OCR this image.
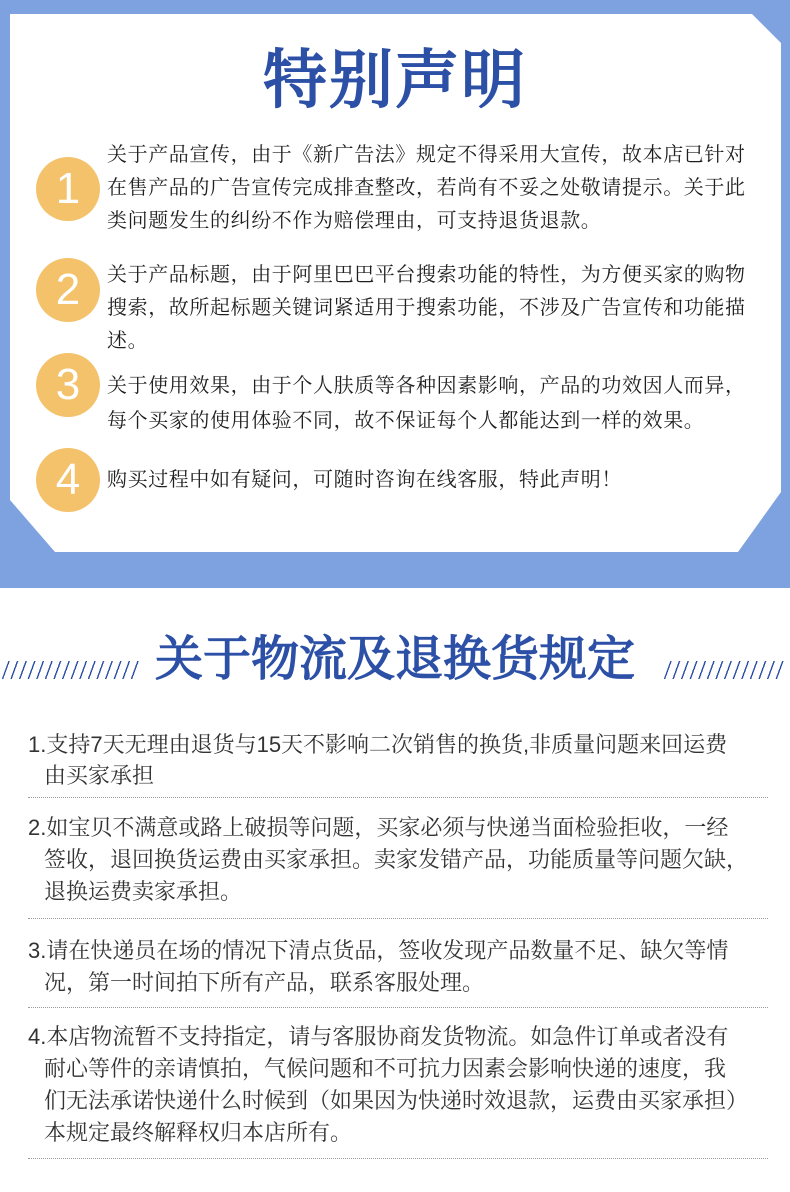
特别声明
1
关于产品宣传，由于《新广告法》规定不得采用大宣传，故本店已针对
在售产品的广告宣传完成排查整改，若尚有不妥之处敬请提示。关于此
类问题发生的纠纷不作为赔偿理由，可支持退货退款。
2	关于产品标题，由于阿里巴巴平台搜索功能的特性，为方便买家的购物
搜索，故所起标题关键词紧适用于搜索功能，不涉及广告宣传和功能描
述。
3	关于使用效果，由于个人肤质等各种因素影响，产品的功效因人而异，
每个买家的使用体验不同，故不保证每个人都能达到一样的效果。
4	购买过程中如有疑问，可随时咨询在线客服，特此声明！
关于物流及退换货规定
1.支持7天无理由退货与15天不影响二次销售的换货,非质量问题来回运费
由买家承担
2.如宝贝不满意或路上破损等问题，买家必须与快递当面检验拒收，一经
签收，退回换货运费由买家承担。卖家发错产品，功能质量等问题欠缺，
退换运费卖家承担。
3.请在快递员在场的情况下清点货品，签收发现产品数量不足、缺欠等情
况，第一时间拍下所有产品，联系客服处理。
4.本店物流暂不支持指定，请与客服协商发货物流。如急件订单或者没有
耐心等件的亲请慎拍，气候问题和不可抗力因素会影响快递的速度，我
们无法承诺快递什么时候到（如果因为快递时效退款，运费由买家承担）
本规定最终解释权归本店所有。
